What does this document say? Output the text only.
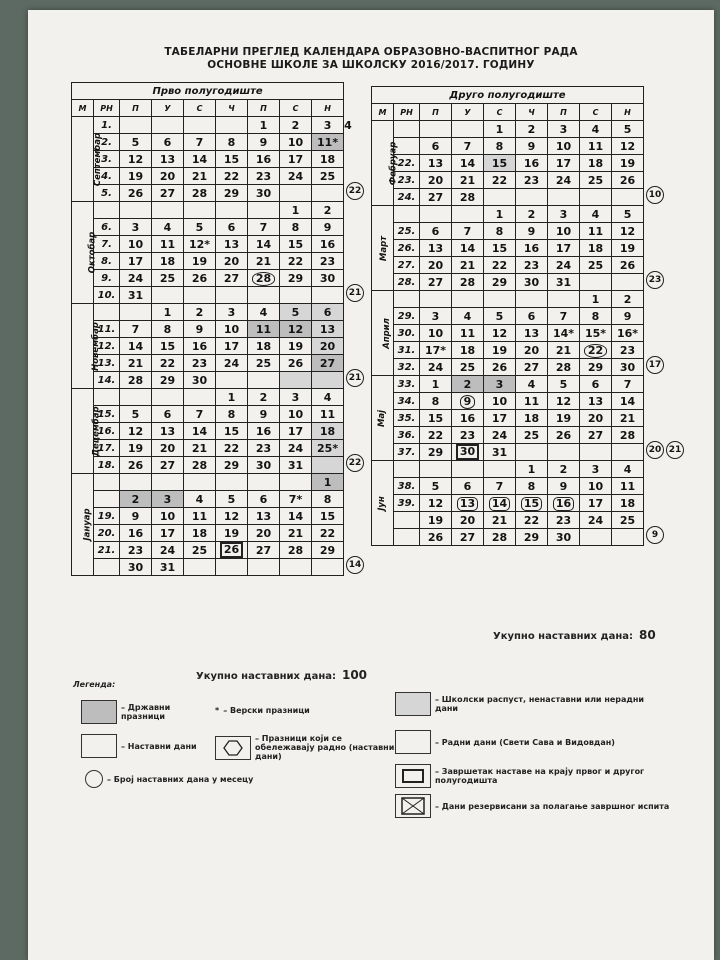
ТАБЕЛАРНИ ПРЕГЛЕД КАЛЕНДАРА ОБРАЗОВНО-ВАСПИТНОГ РАДА
ОСНОВНЕ ШКОЛЕ ЗА ШКОЛСКУ 2016/2017. ГОДИНУ
Прво полугодиште									
М	РН	П	У	С	Ч	П	С	Н	
Септембар	1.					1	2	3	4
	2.	5	6	7	8	9	10	11*	
	3.	12	13	14	15	16	17	18	
	4.	19	20	21	22	23	24	25	
	5.	26	27	28	29	30			
Октобар							1	2	
	6.	3	4	5	6	7	8	9	
	7.	10	11	12*	13	14	15	16	
	8.	17	18	19	20	21	22	23	
	9.	24	25	26	27	28	29	30	
	10.	31							
Новембар			1	2	3	4	5	6	
	11.	7	8	9	10	11	12	13	
	12.	14	15	16	17	18	19	20	
	13.	21	22	23	24	25	26	27	
	14.	28	29	30					
Децембар					1	2	3	4	
	15.	5	6	7	8	9	10	11	
	16.	12	13	14	15	16	17	18	
	17.	19	20	21	22	23	24	25*	
	18.	26	27	28	29	30	31		
Јануар								1	
		2	3	4	5	6	7*	8	
	19.	9	10	11	12	13	14	15	
	20.	16	17	18	19	20	21	22	
	21.	23	24	25	26	27	28	29	
		30	31						
Друго полугодиште								
М	РН	П	У	С	Ч	П	С	Н
Фебруар				1	2	3	4	5
		6	7	8	9	10	11	12
	22.	13	14	15	16	17	18	19
	23.	20	21	22	23	24	25	26
	24.	27	28					
Март				1	2	3	4	5
	25.	6	7	8	9	10	11	12
	26.	13	14	15	16	17	18	19
	27.	20	21	22	23	24	25	26
	28.	27	28	29	30	31		
Април							1	2
	29.	3	4	5	6	7	8	9
	30.	10	11	12	13	14*	15*	16*
	31.	17*	18	19	20	21	22	23
	32.	24	25	26	27	28	29	30
Мај	33.	1	2	3	4	5	6	7
	34.	8	9	10	11	12	13	14
	35.	15	16	17	18	19	20	21
	36.	22	23	24	25	26	27	28
	37.	29	30	31				
Јун					1	2	3	4
	38.	5	6	7	8	9	10	11
	39.	12	13	14	15	16	17	18
		19	20	21	22	23	24	25
		26	27	28	29	30		
22
21
21
22
14
10
23
17
20 21
9
Укупно наставних дана: 100
Укупно наставних дана: 80
Легенда:
– Државни празници
* – Верски празници
– Наставни дани
– Празници који се обележавају радно (наставни дани)
– Број наставних дана у месецу
– Школски распуст, ненаставни или нерадни дани
– Радни дани (Свети Сава и Видовдан)
– Завршетак наставе на крају првог и другог полугодишта
– Дани резервисани за полагање завршног испита
